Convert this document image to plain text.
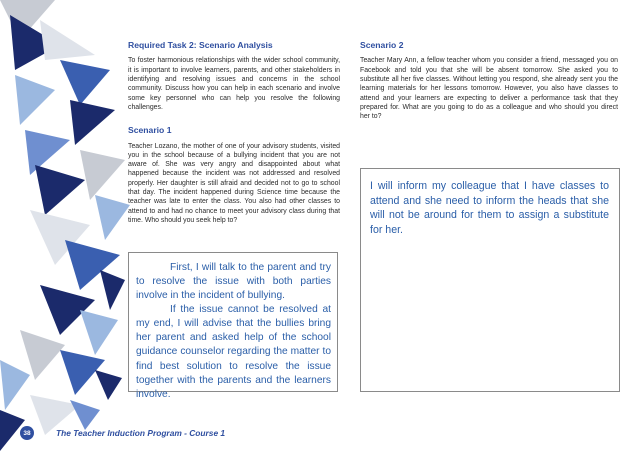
Required Task 2: Scenario Analysis

To foster harmonious relationships with the wider school community, it is important to involve learners, parents, and other stakeholders in identifying and resolving issues and concerns in the school community. Discuss how you can help in each scenario and involve some key personnel who can help you resolve the following challenges.

Scenario 1

Teacher Lozano, the mother of one of your advisory students, visited you in the school because of a bullying incident that you are not aware of. She was very angry and disappointed about what happened because the incident was not addressed and resolved properly. Her daughter is still afraid and decided not to go to school that day. The incident happened during Science time because the teacher was late to enter the class. You also had other classes to attend to and had no chance to meet your advisory class during that time. Who should you seek help to?

First, I will talk to the parent and try to resolve the issue with both parties involve in the incident of bullying.

If the issue cannot be resolved at my end, I will advise that the bullies bring her parent and asked help of the school guidance counselor regarding the matter to find best solution to resolve the issue together with the parents and the learners involve.

Scenario 2

Teacher Mary Ann, a fellow teacher whom you consider a friend, messaged you on Facebook and told you that she will be absent tomorrow. She asked you to substitute all her five classes. Without letting you respond, she already sent you the learning materials for her lessons tomorrow. However, you also have classes to attend and your learners are expecting to deliver a performance task that they prepared for. What are you going to do as a colleague and who should you direct her to?

I will inform my colleague that I have classes to attend and she need to inform the heads that she will not be around for them to assign a substitute for her.

38	The Teacher Induction Program - Course 1
